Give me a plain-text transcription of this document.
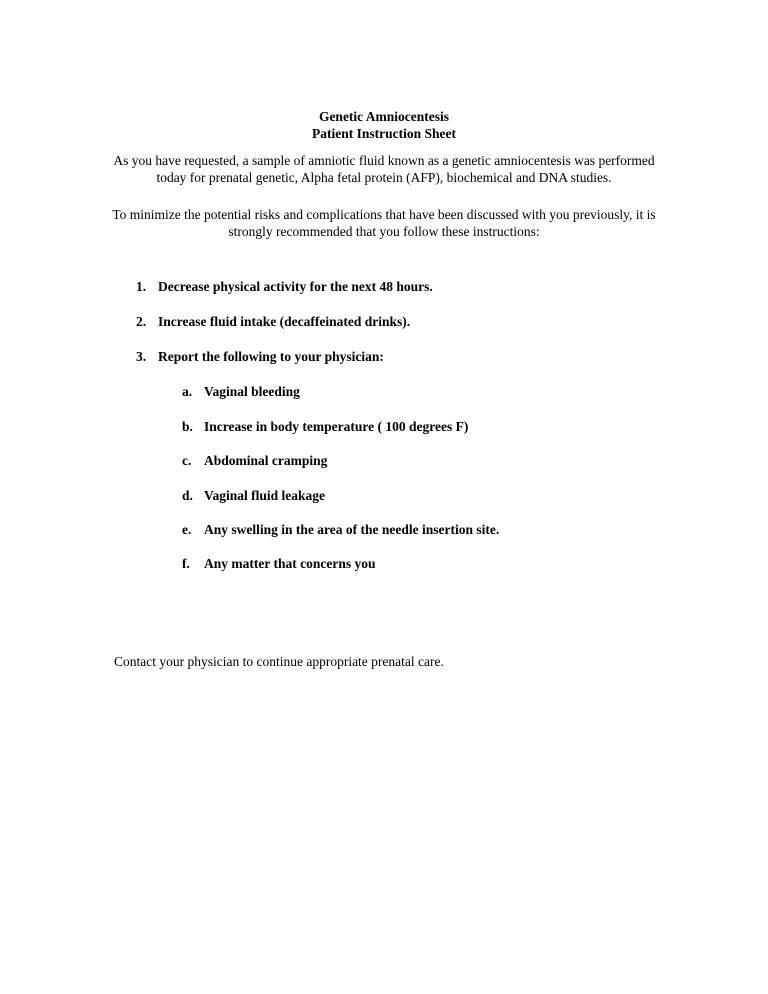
Genetic Amniocentesis
Patient Instruction Sheet
As you have requested, a sample of amniotic fluid known as a genetic amniocentesis was performed
today for prenatal genetic, Alpha fetal protein (AFP), biochemical and DNA studies.
To minimize the potential risks and complications that have been discussed with you previously, it is
strongly recommended that you follow these instructions:
1. Decrease physical activity for the next 48 hours.
2. Increase fluid intake (decaffeinated drinks).
3. Report the following to your physician:
a. Vaginal bleeding
b. Increase in body temperature ( 100 degrees F)
c. Abdominal cramping
d. Vaginal fluid leakage
e. Any swelling in the area of the needle insertion site.
f. Any matter that concerns you
Contact your physician to continue appropriate prenatal care.
